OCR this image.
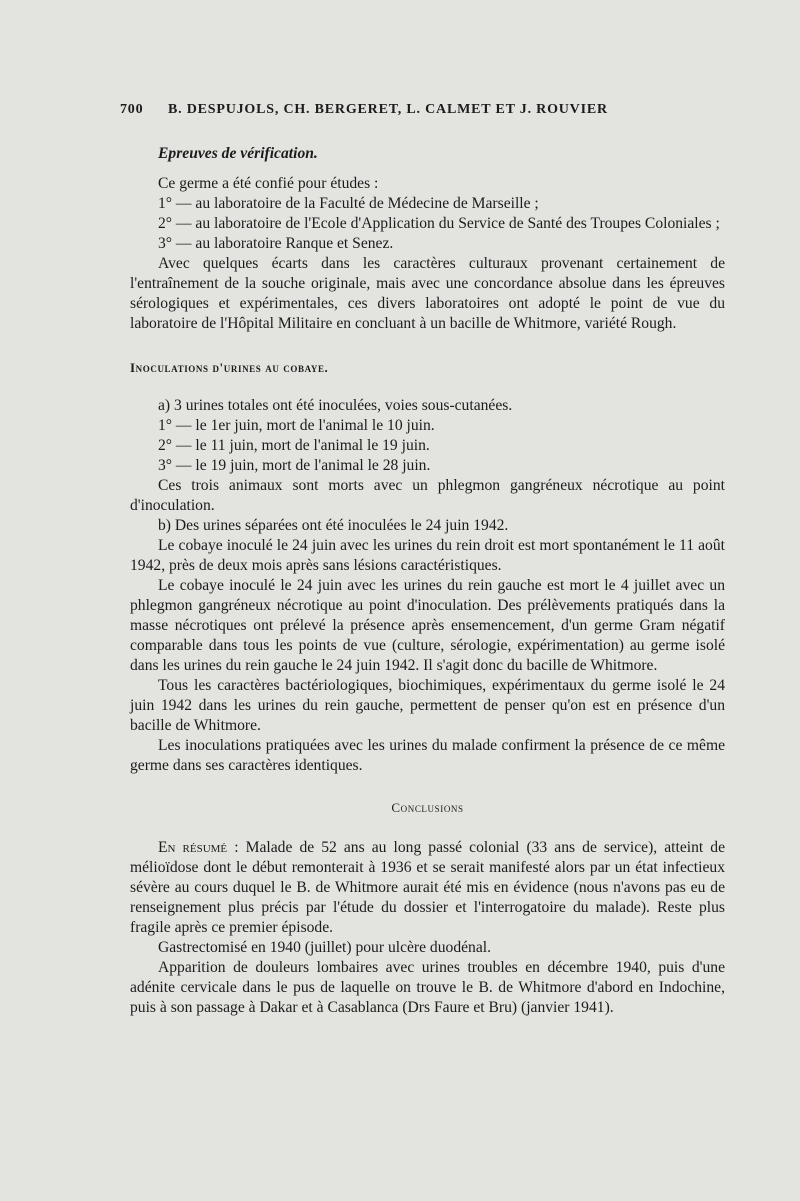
700 B. DESPUJOLS, CH. BERGERET, L. CALMET ET J. ROUVIER

Epreuves de vérification.

Ce germe a été confié pour études :

1° — au laboratoire de la Faculté de Médecine de Marseille ;

2° — au laboratoire de l'Ecole d'Application du Service de Santé des Troupes Coloniales ;

3° — au laboratoire Ranque et Senez.

Avec quelques écarts dans les caractères culturaux provenant certainement de l'entraînement de la souche originale, mais avec une concordance absolue dans les épreuves sérologiques et expérimentales, ces divers laboratoires ont adopté le point de vue du laboratoire de l'Hôpital Militaire en concluant à un bacille de Whitmore, variété Rough.

Inoculations d'urines au cobaye.

a) 3 urines totales ont été inoculées, voies sous-cutanées.

1° — le 1er juin, mort de l'animal le 10 juin.

2° — le 11 juin, mort de l'animal le 19 juin.

3° — le 19 juin, mort de l'animal le 28 juin.

Ces trois animaux sont morts avec un phlegmon gangréneux nécrotique au point d'inoculation.

b) Des urines séparées ont été inoculées le 24 juin 1942.

Le cobaye inoculé le 24 juin avec les urines du rein droit est mort spontanément le 11 août 1942, près de deux mois après sans lésions caractéristiques.

Le cobaye inoculé le 24 juin avec les urines du rein gauche est mort le 4 juillet avec un phlegmon gangréneux nécrotique au point d'inoculation. Des prélèvements pratiqués dans la masse nécrotiques ont prélevé la présence après ensemencement, d'un germe Gram négatif comparable dans tous les points de vue (culture, sérologie, expérimentation) au germe isolé dans les urines du rein gauche le 24 juin 1942. Il s'agit donc du bacille de Whitmore.

Tous les caractères bactériologiques, biochimiques, expérimentaux du germe isolé le 24 juin 1942 dans les urines du rein gauche, permettent de penser qu'on est en présence d'un bacille de Whitmore.

Les inoculations pratiquées avec les urines du malade confirment la présence de ce même germe dans ses caractères identiques.

Conclusions

En résumé : Malade de 52 ans au long passé colonial (33 ans de service), atteint de mélioïdose dont le début remonterait à 1936 et se serait manifesté alors par un état infectieux sévère au cours duquel le B. de Whitmore aurait été mis en évidence (nous n'avons pas eu de renseignement plus précis par l'étude du dossier et l'interrogatoire du malade). Reste plus fragile après ce premier épisode.

Gastrectomisé en 1940 (juillet) pour ulcère duodénal.

Apparition de douleurs lombaires avec urines troubles en décembre 1940, puis d'une adénite cervicale dans le pus de laquelle on trouve le B. de Whitmore d'abord en Indochine, puis à son passage à Dakar et à Casablanca (Drs Faure et Bru) (janvier 1941).
